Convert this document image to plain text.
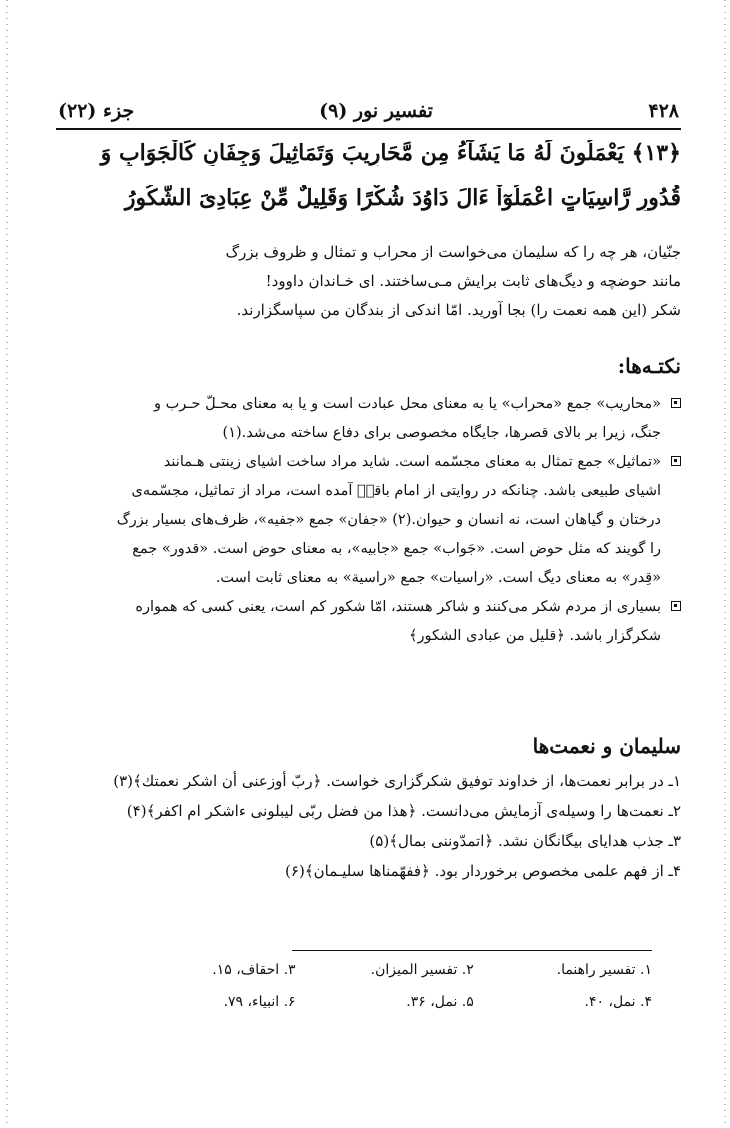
۴۲۸
تفسیر نور (۹)
جزء (۲۲)
﴿۱۳﴾ یَعْمَلُونَ لَهُ مَا یَشَآءُ مِن مَّحَارِیبَ وَتَمَاثِیلَ وَجِفَانٍ كَالْجَوَابِ وَ
قُدُورٍ رَّاسِیَاتٍ اعْمَلُوٓاْ ءَالَ دَاوُدَ شُكْرًا وَقَلِیلٌ مِّنْ عِبَادِیَ الشَّكُورُ

جنّیان، هر چه را كه سلیمان می‌خواست از محراب و تمثال و ظروف بزرگ

مانند حوضچه و دیگ‌های ثابت برایش مـی‌ساختند. ای خـاندان داوود!

شكر (این همه نعمت را) بجا آورید. امّا اندكی از بندگان من سپاسگزارند.

نكتـه‌ها:

«محاریب» جمع «محراب» یا به معنای محل عبادت است و یا به معنای محـلّ حـرب و

جنگ، زیرا بر بالای قصرها، جایگاه مخصوصی برای دفاع ساخته می‌شد.(۱)

«تماثیل» جمع تمثال به معنای مجسّمه است. شاید مراد ساخت اشیای زینتی هـمانند

اشیای طبیعی باشد. چنانكه در روایتی از امام باقرؑ آمده است، مراد از تماثیل، مجسّمه‌ی

درختان و گیاهان است، نه انسان و حیوان.(۲) «جفان» جمع «جفیه»، ظرف‌های بسیار بزرگ

را گویند كه مثل حوض است. «جَواب» جمع «جابیه»، به معنای حوض است. «قدور» جمع

«قِدر» به معنای دیگ است. «راسیات» جمع «راسیة» به معنای ثابت است.

بسیاری از مردم شكر می‌كنند و شاكر هستند، امّا شكور كم است، یعنی كسی كه همواره

شكرگزار باشد. ﴿قلیل من عبادی الشكور﴾

سلیمان و نعمت‌ها

۱ـ در برابر نعمت‌ها، از خداوند توفیق شكرگزاری خواست. ﴿ربّ أوزعنی أن اشكر نعمتك﴾(۳)

۲ـ نعمت‌ها را وسیله‌ی آزمایش می‌دانست. ﴿هذا من فضل ربّی لیبلونی ءاشكر ام اكفر﴾(۴)

۳ـ جذب هدایای بیگانگان نشد. ﴿اتمدّوننی بمال﴾(۵)

۴ـ از فهم علمی مخصوص برخوردار بود. ﴿ففهّمناها سلیـمان﴾(۶)

۱. تفسیر راهنما.
۲. تفسیر المیزان.
۳. احقاف، ۱۵.
۴. نمل، ۴۰.
۵. نمل، ۳۶.
۶. انبیاء، ۷۹.
